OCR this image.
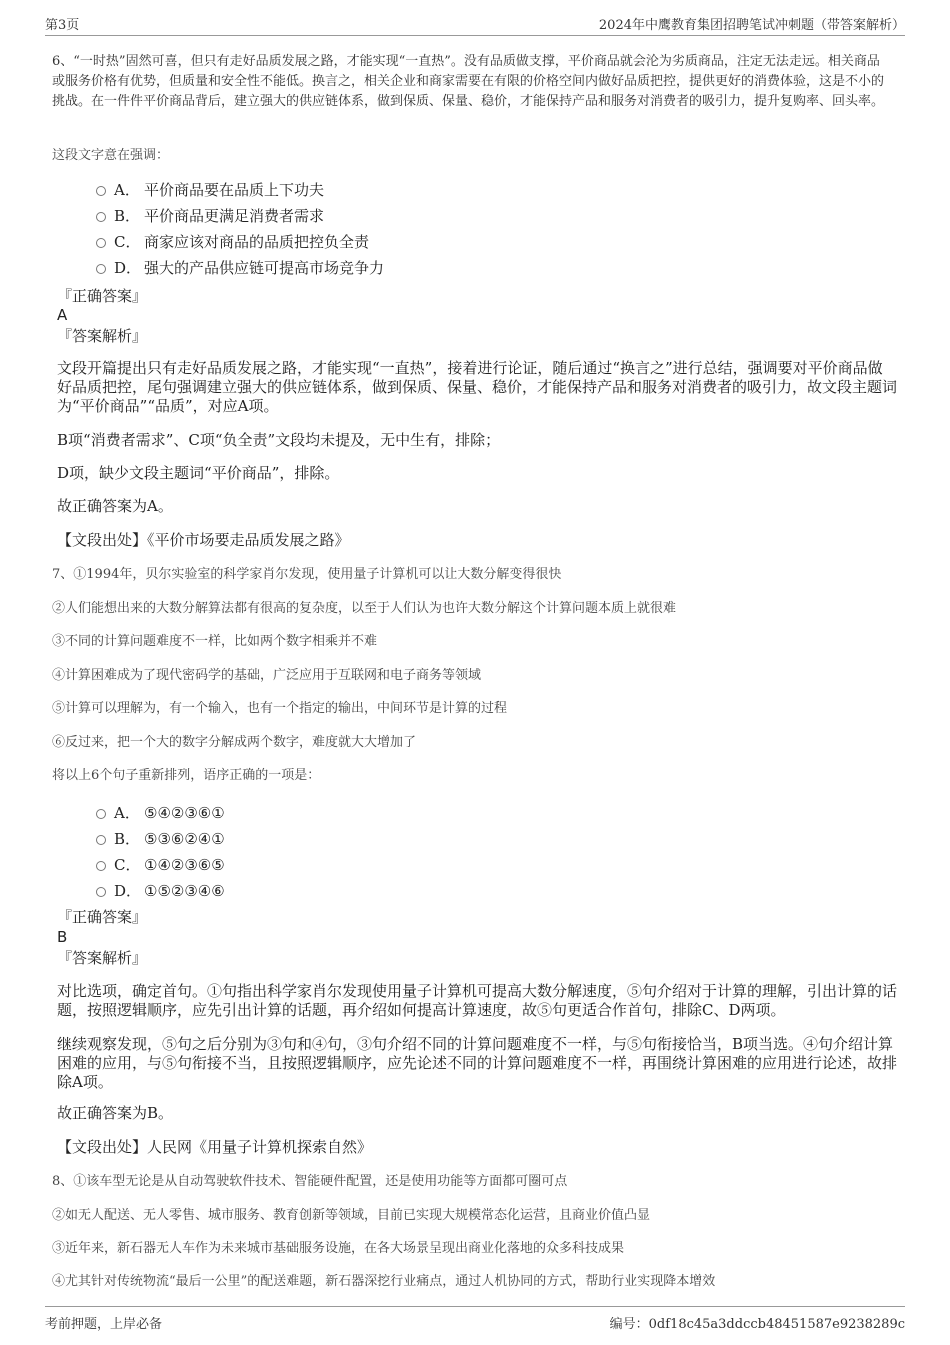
第3页	2024年中鹰教育集团招聘笔试冲刺题（带答案解析）
6、“一时热”固然可喜，但只有走好品质发展之路，才能实现“一直热”。没有品质做支撑，平价商品就会沦为劣质商品，注定无法走远。相关商品或服务价格有优势，但质量和安全性不能低。换言之，相关企业和商家需要在有限的价格空间内做好品质把控，提供更好的消费体验，这是不小的挑战。在一件件平价商品背后，建立强大的供应链体系，做到保质、保量、稳价，才能保持产品和服务对消费者的吸引力，提升复购率、回头率。
这段文字意在强调：
A． 平价商品要在品质上下功夫
B． 平价商品更满足消费者需求
C． 商家应该对商品的品质把控负全责
D． 强大的产品供应链可提高市场竞争力
『正确答案』
A
『答案解析』
文段开篇提出只有走好品质发展之路，才能实现“一直热”，接着进行论证，随后通过“换言之”进行总结，强调要对平价商品做好品质把控，尾句强调建立强大的供应链体系，做到保质、保量、稳价，才能保持产品和服务对消费者的吸引力，故文段主题词为“平价商品”“品质”，对应A项。
B项“消费者需求”、C项“负全责”文段均未提及，无中生有，排除；
D项，缺少文段主题词“平价商品”，排除。
故正确答案为A。
【文段出处】《平价市场要走品质发展之路》
7、①1994年，贝尔实验室的科学家肖尔发现，使用量子计算机可以让大数分解变得很快
②人们能想出来的大数分解算法都有很高的复杂度，以至于人们认为也许大数分解这个计算问题本质上就很难
③不同的计算问题难度不一样，比如两个数字相乘并不难
④计算困难成为了现代密码学的基础，广泛应用于互联网和电子商务等领域
⑤计算可以理解为，有一个输入，也有一个指定的输出，中间环节是计算的过程
⑥反过来，把一个大的数字分解成两个数字，难度就大大增加了
将以上6个句子重新排列，语序正确的一项是：
A． ⑤④②③⑥①
B． ⑤③⑥②④①
C． ①④②③⑥⑤
D． ①⑤②③④⑥
『正确答案』
B
『答案解析』
对比选项，确定首句。①句指出科学家肖尔发现使用量子计算机可提高大数分解速度，⑤句介绍对于计算的理解，引出计算的话题，按照逻辑顺序，应先引出计算的话题，再介绍如何提高计算速度，故⑤句更适合作首句，排除C、D两项。
继续观察发现，⑤句之后分别为③句和④句，③句介绍不同的计算问题难度不一样，与⑤句衔接恰当，B项当选。④句介绍计算困难的应用，与⑤句衔接不当，且按照逻辑顺序，应先论述不同的计算问题难度不一样，再围绕计算困难的应用进行论述，故排除A项。
故正确答案为B。
【文段出处】人民网《用量子计算机探索自然》
8、①该车型无论是从自动驾驶软件技术、智能硬件配置，还是使用功能等方面都可圈可点
②如无人配送、无人零售、城市服务、教育创新等领域，目前已实现大规模常态化运营，且商业价值凸显
③近年来，新石器无人车作为未来城市基础服务设施，在各大场景呈现出商业化落地的众多科技成果
④尤其针对传统物流“最后一公里”的配送难题，新石器深挖行业痛点，通过人机协同的方式，帮助行业实现降本增效
考前押题，上岸必备	编号：0df18c45a3ddccb48451587e9238289c
